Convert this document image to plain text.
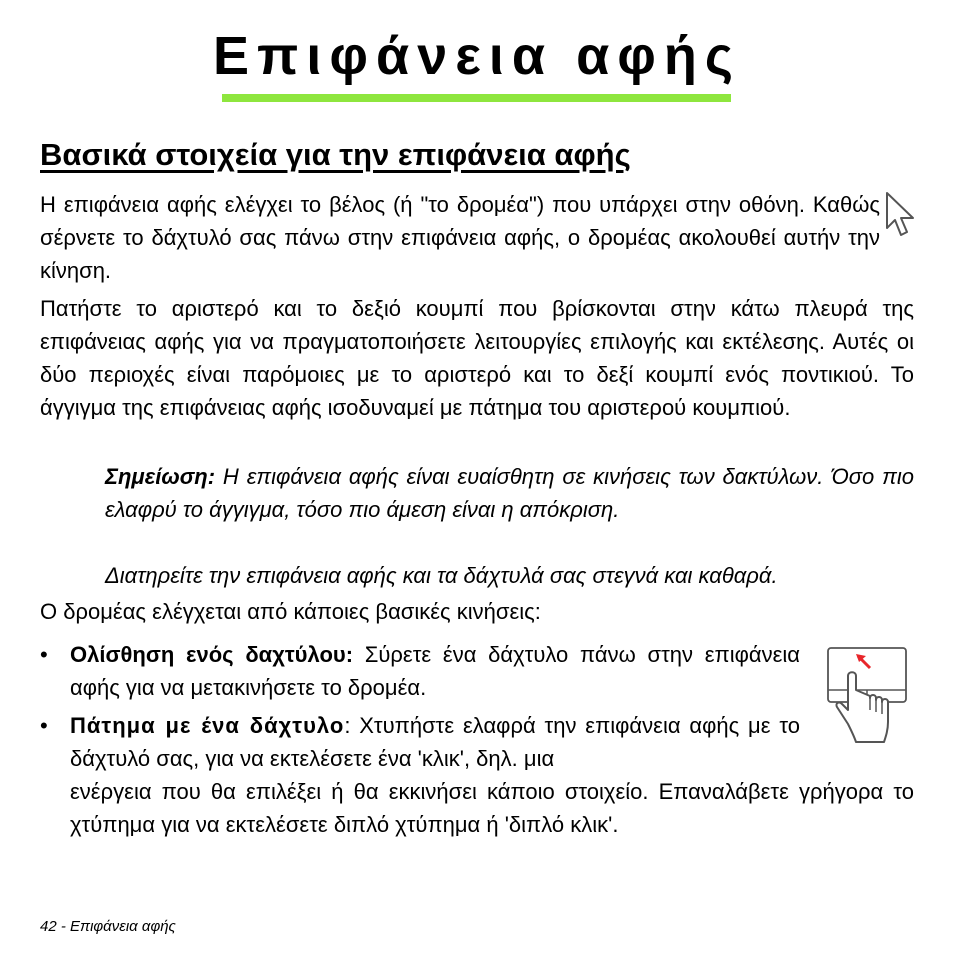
Επιφάνεια αφής
Βασικά στοιχεία για την επιφάνεια αφής

Η επιφάνεια αφής ελέγχει το βέλος (ή "το δρομέα") που υπάρχει στην οθόνη. Καθώς σέρνετε το δάχτυλό σας πάνω στην επιφάνεια αφής, ο δρομέας ακολουθεί αυτήν την κίνηση.

Πατήστε το αριστερό και το δεξιό κουμπί που βρίσκονται στην κάτω πλευρά της επιφάνειας αφής για να πραγματοποιήσετε λειτουργίες επιλογής και εκτέλεσης. Αυτές οι δύο περιοχές είναι παρόμοιες με το αριστερό και το δεξί κουμπί ενός ποντικιού. Το άγγιγμα της επιφάνειας αφής ισοδυναμεί με πάτημα του αριστερού κουμπιού.

Σημείωση: Η επιφάνεια αφής είναι ευαίσθητη σε κινήσεις των δακτύλων. Όσο πιο ελαφρύ το άγγιγμα, τόσο πιο άμεση είναι η απόκριση.

Διατηρείτε την επιφάνεια αφής και τα δάχτυλά σας στεγνά και καθαρά.

Ο δρομέας ελέγχεται από κάποιες βασικές κινήσεις:

• Ολίσθηση ενός δαχτύλου: Σύρετε ένα δάχτυλο πάνω στην επιφάνεια αφής για να μετακινήσετε το δρομέα.

• Πάτημα με ένα δάχτυλο: Χτυπήστε ελαφρά την επιφάνεια αφής με το δάχτυλό σας, για να εκτελέσετε ένα 'κλικ', δηλ. μια
ενέργεια που θα επιλέξει ή θα εκκινήσει κάποιο στοιχείο. Επαναλάβετε γρήγορα το χτύπημα για να εκτελέσετε διπλό χτύπημα ή 'διπλό κλικ'.

42 - Επιφάνεια αφής
